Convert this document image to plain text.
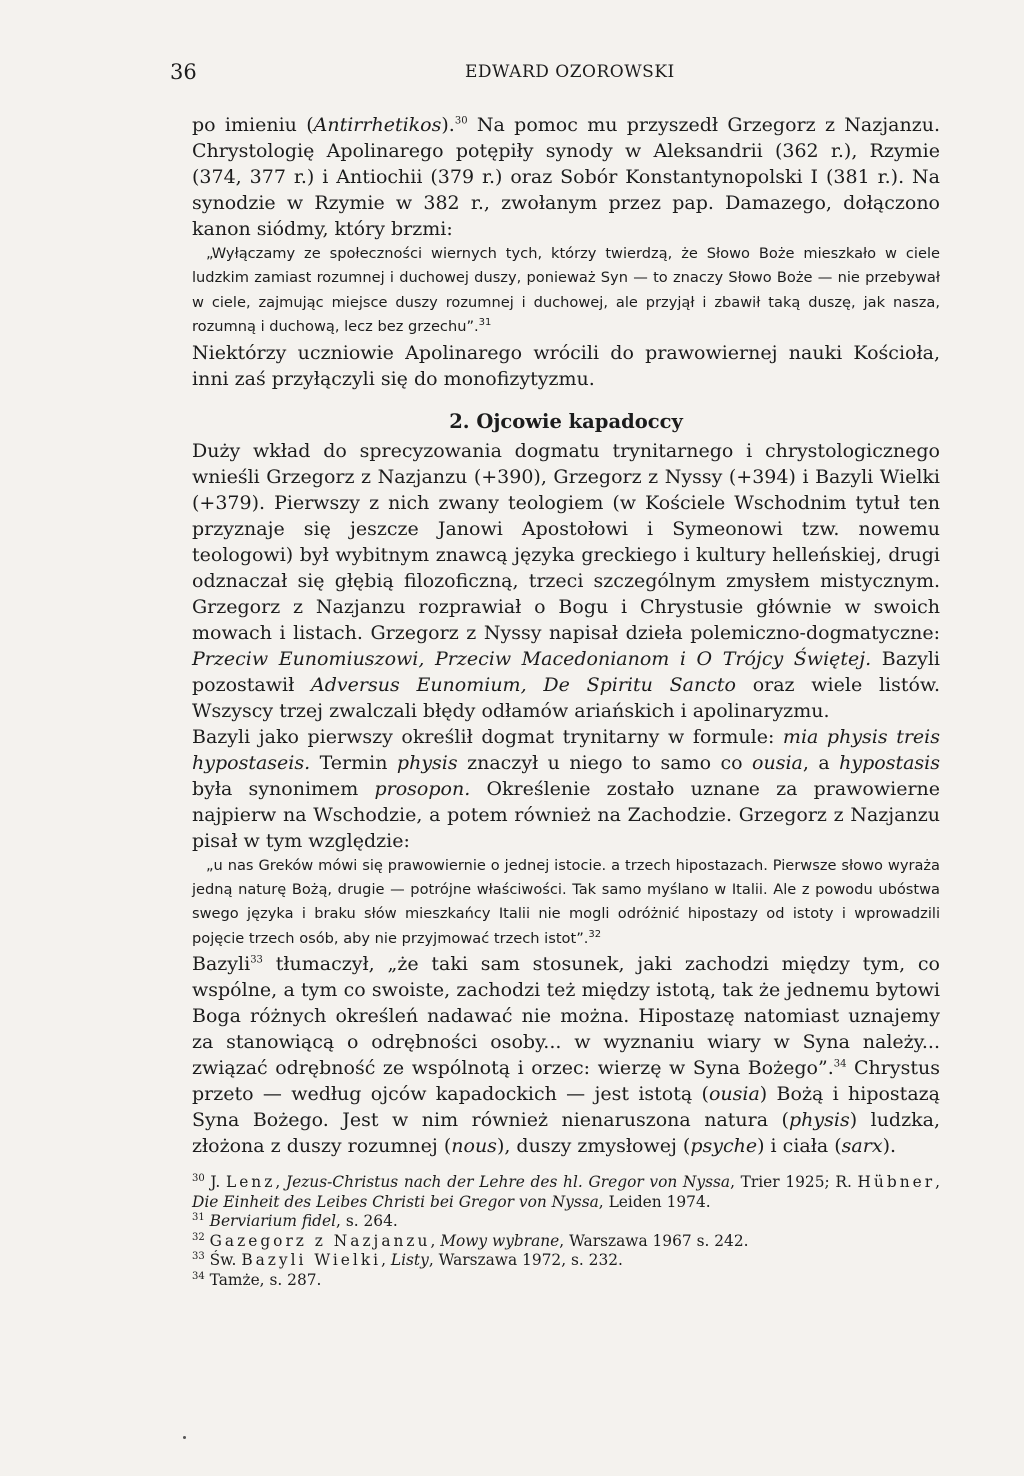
36	EDWARD OZOROWSKI

po imieniu (Antirrhetikos).$^{30}$ Na pomoc mu przyszedł Grzegorz z Nazjanzu. Chrystologię Apolinarego potępiły synody w Aleksandrii (362 r.), Rzymie (374, 377 r.) i Antiochii (379 r.) oraz Sobór Konstantynopolski I (381 r.). Na synodzie w Rzymie w 382 r., zwołanym przez pap. Damazego, dołączono kanon siódmy, który brzmi:

„Wyłączamy ze społeczności wiernych tych, którzy twierdzą, że Słowo Boże mieszkało w ciele ludzkim zamiast rozumnej i duchowej duszy, ponieważ Syn — to znaczy Słowo Boże — nie przebywał w ciele, zajmując miejsce duszy rozumnej i duchowej, ale przyjął i zbawił taką duszę, jak nasza, rozumną i duchową, lecz bez grzechu”.$^{31}$

Niektórzy uczniowie Apolinarego wrócili do prawowiernej nauki Kościoła, inni zaś przyłączyli się do monofizytyzmu.

2. Ojcowie kapadoccy

Duży wkład do sprecyzowania dogmatu trynitarnego i chrystologicznego wnieśli Grzegorz z Nazjanzu (+390), Grzegorz z Nyssy (+394) i Bazyli Wielki (+379). Pierwszy z nich zwany teologiem (w Kościele Wschodnim tytuł ten przyznaje się jeszcze Janowi Apostołowi i Symeonowi tzw. nowemu teologowi) był wybitnym znawcą języka greckiego i kultury helleńskiej, drugi odznaczał się głębią filozoficzną, trzeci szczególnym zmysłem mistycznym. Grzegorz z Nazjanzu rozprawiał o Bogu i Chrystusie głównie w swoich mowach i listach. Grzegorz z Nyssy napisał dzieła polemiczno-dogmatyczne: Przeciw Eunomiuszowi, Przeciw Macedonianom i O Trójcy Świętej. Bazyli pozostawił Adversus Eunomium, De Spiritu Sancto oraz wiele listów. Wszyscy trzej zwalczali błędy odłamów ariańskich i apolinaryzmu.

Bazyli jako pierwszy określił dogmat trynitarny w formule: mia physis treis hypostaseis. Termin physis znaczył u niego to samo co ousia, a hypostasis była synonimem prosopon. Określenie zostało uznane za prawowierne najpierw na Wschodzie, a potem również na Zachodzie. Grzegorz z Nazjanzu pisał w tym względzie:

„u nas Greków mówi się prawowiernie o jednej istocie. a trzech hipostazach. Pierwsze słowo wyraża jedną naturę Bożą, drugie — potrójne właściwości. Tak samo myślano w Italii. Ale z powodu ubóstwa swego języka i braku słów mieszkańcy Italii nie mogli odróżnić hipostazy od istoty i wprowadzili pojęcie trzech osób, aby nie przyjmować trzech istot”.$^{32}$

Bazyli$^{33}$ tłumaczył, „że taki sam stosunek, jaki zachodzi między tym, co wspólne, a tym co swoiste, zachodzi też między istotą, tak że jednemu bytowi Boga różnych określeń nadawać nie można. Hipostazę natomiast uznajemy za stanowiącą o odrębności osoby... w wyznaniu wiary w Syna należy... związać odrębność ze wspólnotą i orzec: wierzę w Syna Bożego”.$^{34}$ Chrystus przeto — według ojców kapadockich — jest istotą (ousia) Bożą i hipostazą Syna Bożego. Jest w nim również nienaruszona natura (physis) ludzka, złożona z duszy rozumnej (nous), duszy zmysłowej (psyche) i ciała (sarx).

$^{30}$ J. Lenz, Jezus-Christus nach der Lehre des hl. Gregor von Nyssa, Trier 1925; R. Hübner, Die Einheit des Leibes Christi bei Gregor von Nyssa, Leiden 1974.

$^{31}$ Berviarium fidel, s. 264.

$^{32}$ Gazegorz z Nazjanzu, Mowy wybrane, Warszawa 1967 s. 242.

$^{33}$ Św. Bazyli Wielki, Listy, Warszawa 1972, s. 232.

$^{34}$ Tamże, s. 287.
